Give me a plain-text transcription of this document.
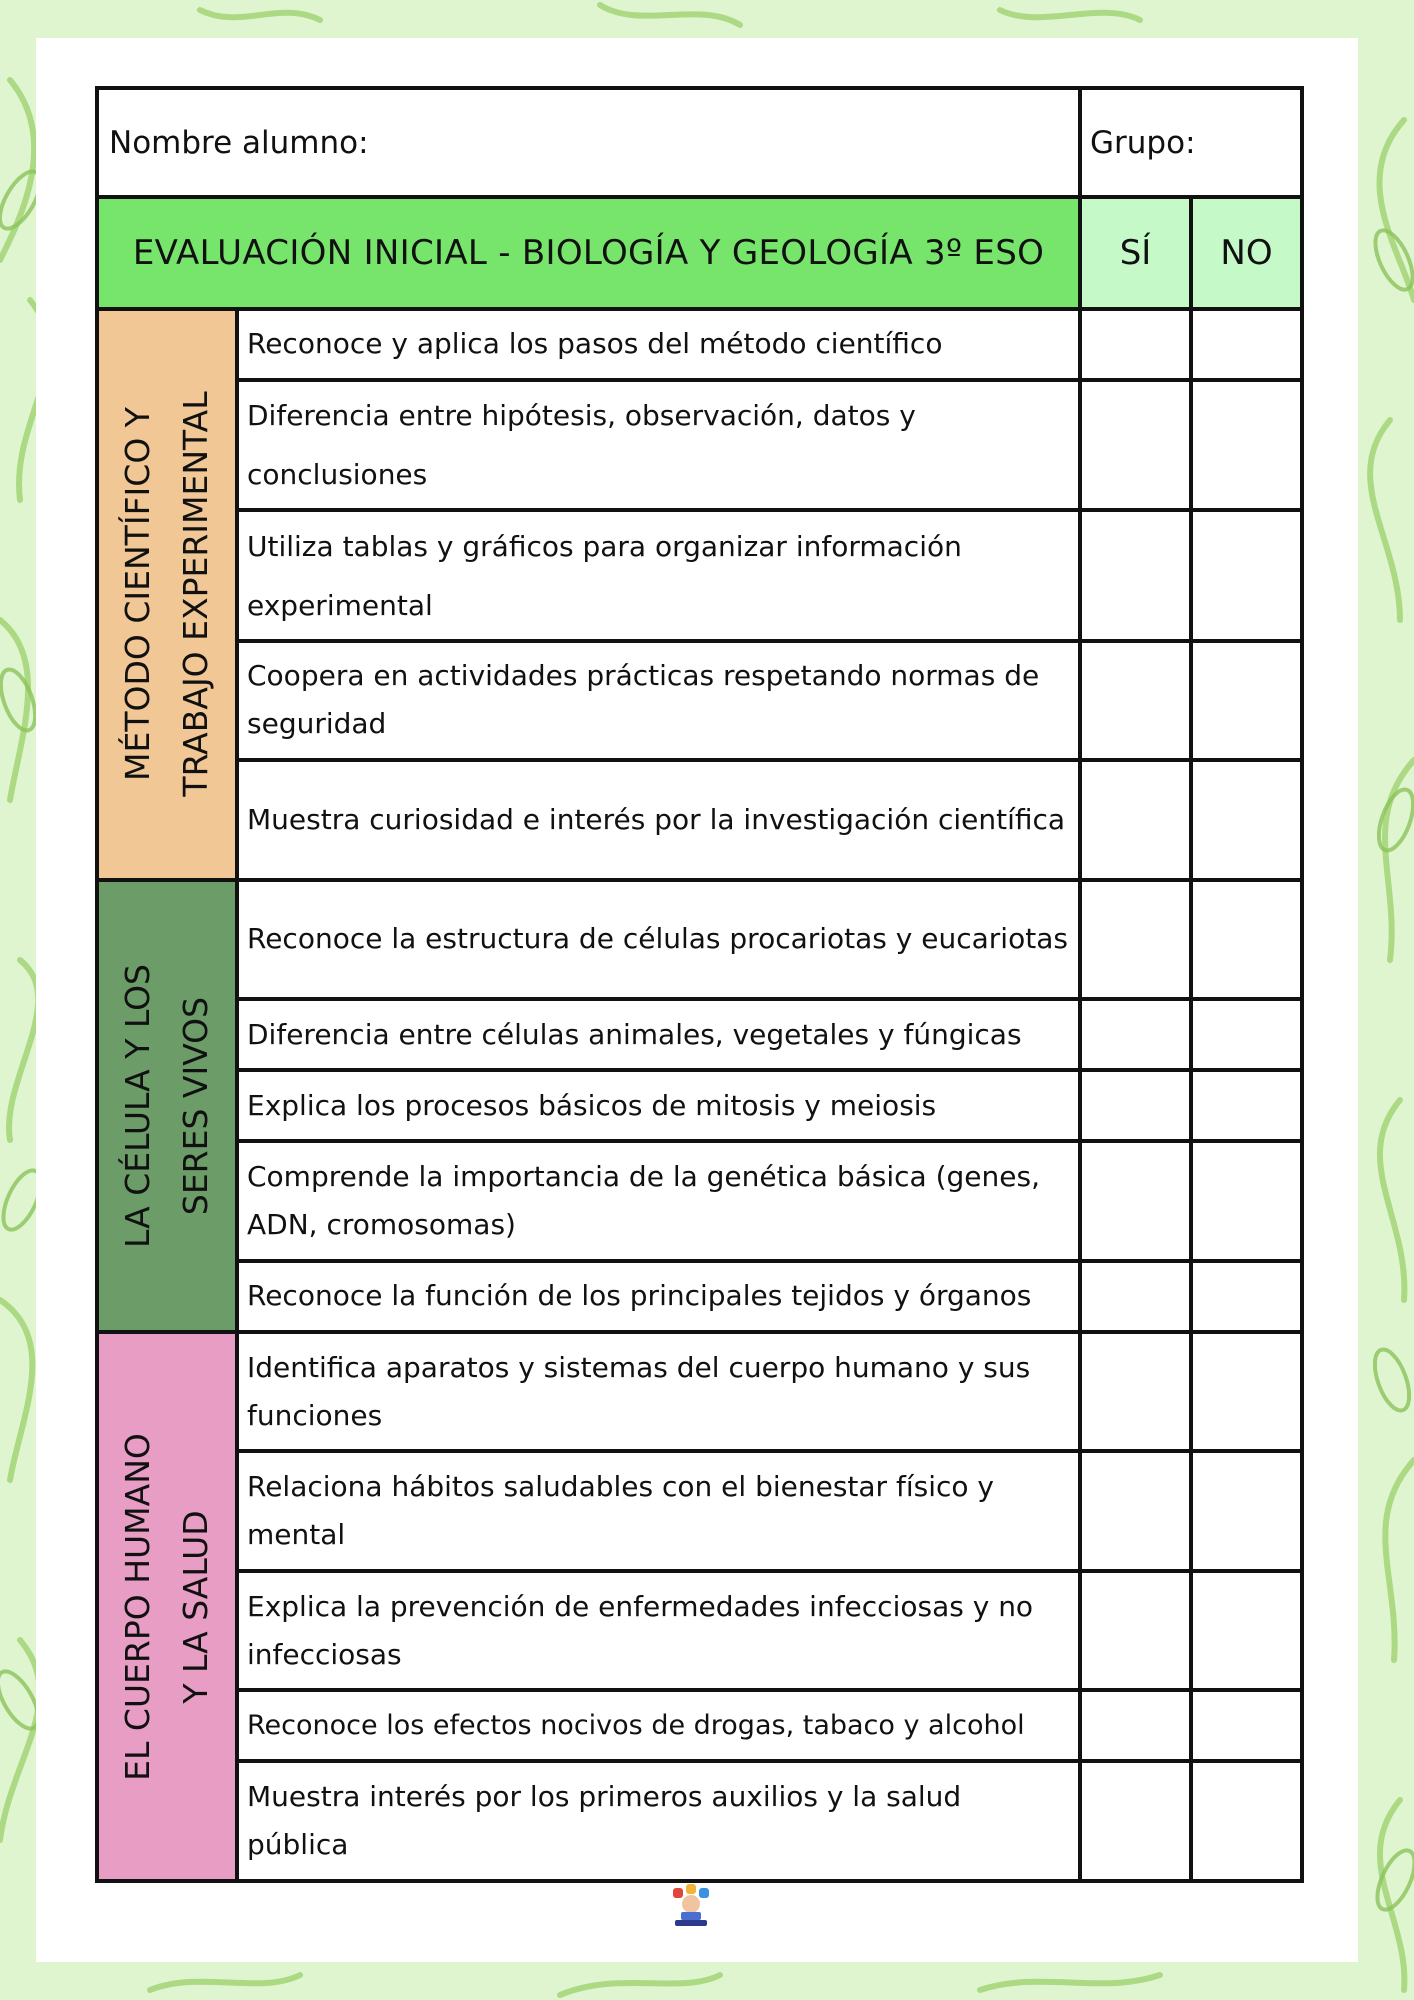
Nombre alumno:		Grupo:	
EVALUACIÓN INICIAL - BIOLOGÍA Y GEOLOGÍA 3º ESO		SÍ	NO

MÉTODO CIENTÍFICO Y TRABAJO EXPERIMENTAL	Reconoce y aplica los pasos del método científico		
	Diferencia entre hipótesis, observación, datos y conclusiones		
	Utiliza tablas y gráficos para organizar información experimental		
	Coopera en actividades prácticas respetando normas de seguridad		
	Muestra curiosidad e interés por la investigación científica		

LA CÉLULA Y LOS SERES VIVOS	Reconoce la estructura de células procariotas y eucariotas		
	Diferencia entre células animales, vegetales y fúngicas		
	Explica los procesos básicos de mitosis y meiosis		
	Comprende la importancia de la genética básica (genes, ADN, cromosomas)		
	Reconoce la función de los principales tejidos y órganos		

EL CUERPO HUMANO Y LA SALUD	Identifica aparatos y sistemas del cuerpo humano y sus funciones		
	Relaciona hábitos saludables con el bienestar físico y mental		
	Explica la prevención de enfermedades infecciosas y no infecciosas		
	Reconoce los efectos nocivos de drogas, tabaco y alcohol		
	Muestra interés por los primeros auxilios y la salud pública		
